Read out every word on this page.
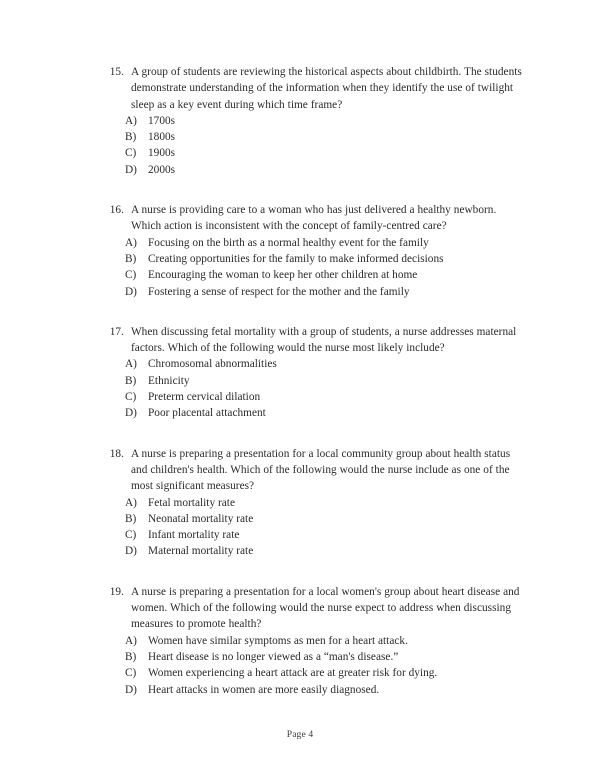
15. A group of students are reviewing the historical aspects about childbirth. The students demonstrate understanding of the information when they identify the use of twilight sleep as a key event during which time frame?
A) 1700s
B)	1800s
C)	1900s
D) 2000s
16. A nurse is providing care to a woman who has just delivered a healthy newborn. Which action is inconsistent with the concept of family-centred care?
A) Focusing on the birth as a normal healthy event for the family
B)	Creating opportunities for the family to make informed decisions
C)	Encouraging the woman to keep her other children at home
D) Fostering a sense of respect for the mother and the family
17. When discussing fetal mortality with a group of students, a nurse addresses maternal factors. Which of the following would the nurse most likely include?
A) Chromosomal abnormalities
B)	Ethnicity
C)	Preterm cervical dilation
D) Poor placental attachment
18. A nurse is preparing a presentation for a local community group about health status and children's health. Which of the following would the nurse include as one of the most significant measures?
A) Fetal mortality rate
B)	Neonatal mortality rate
C)	Infant mortality rate
D) Maternal mortality rate
19. A nurse is preparing a presentation for a local women's group about heart disease and women. Which of the following would the nurse expect to address when discussing measures to promote health?
A) Women have similar symptoms as men for a heart attack.
B)	Heart disease is no longer viewed as a “man's disease.”
C)	Women experiencing a heart attack are at greater risk for dying.
D) Heart attacks in women are more easily diagnosed.
Page 4
